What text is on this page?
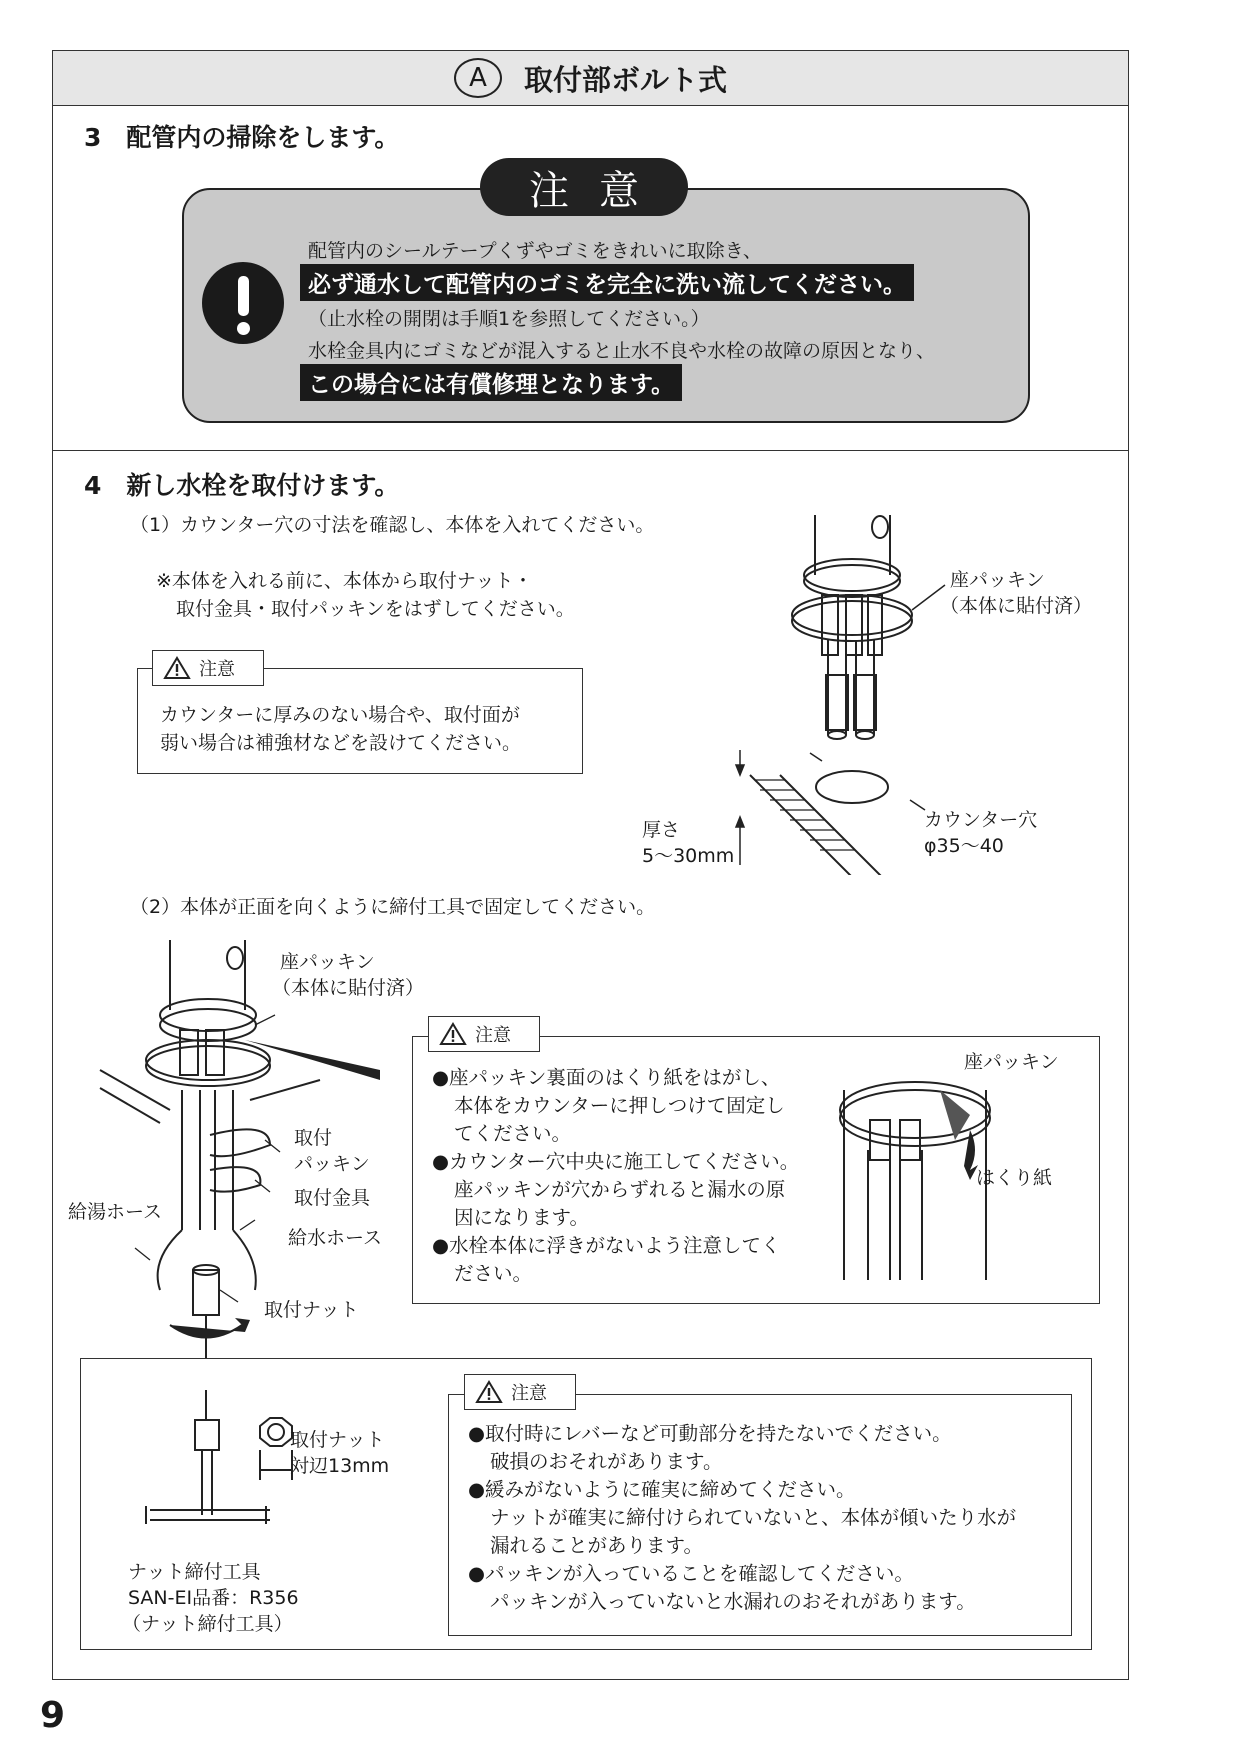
A	取付部ボルト式
3　 配管内の掃除をします。
注意
配管内のシールテープくずやゴミをきれいに取除き、
必ず通水して配管内のゴミを完全に洗い流してください。
（止水栓の開閉は手順1を参照してください。）
水栓金具内にゴミなどが混入すると止水不良や水栓の故障の原因となり、
この場合には有償修理となります。
4　 新し水栓を取付けます。
（1）カウンター穴の寸法を確認し、本体を入れてください。
※本体を入れる前に、本体から取付ナット・
取付金具・取付パッキンをはずしてください。
注意
カウンターに厚みのない場合や、取付面が
弱い場合は補強材などを設けてください。
座パッキン
（本体に貼付済）
カウンター穴
φ35〜40
厚さ
5〜30mm
（2）本体が正面を向くように締付工具で固定してください。
座パッキン
（本体に貼付済）
取付
パッキン
取付金具
給湯ホース
給水ホース
取付ナット
注意
●座パッキン裏面のはくり紙をはがし、
本体をカウンターに押しつけて固定し
てください。
●カウンター穴中央に施工してください。
座パッキンが穴からずれると漏水の原
因になります。
●水栓本体に浮きがないよう注意してく
ださい。
座パッキン
はくり紙
取付ナット
対辺13mm
ナット締付工具
SAN-EI品番：R356
（ナット締付工具）
注意
●取付時にレバーなど可動部分を持たないでください。
破損のおそれがあります。
●緩みがないように確実に締めてください。
ナットが確実に締付けられていないと、本体が傾いたり水が
漏れることがあります。
●パッキンが入っていることを確認してください。
パッキンが入っていないと水漏れのおそれがあります。
9
